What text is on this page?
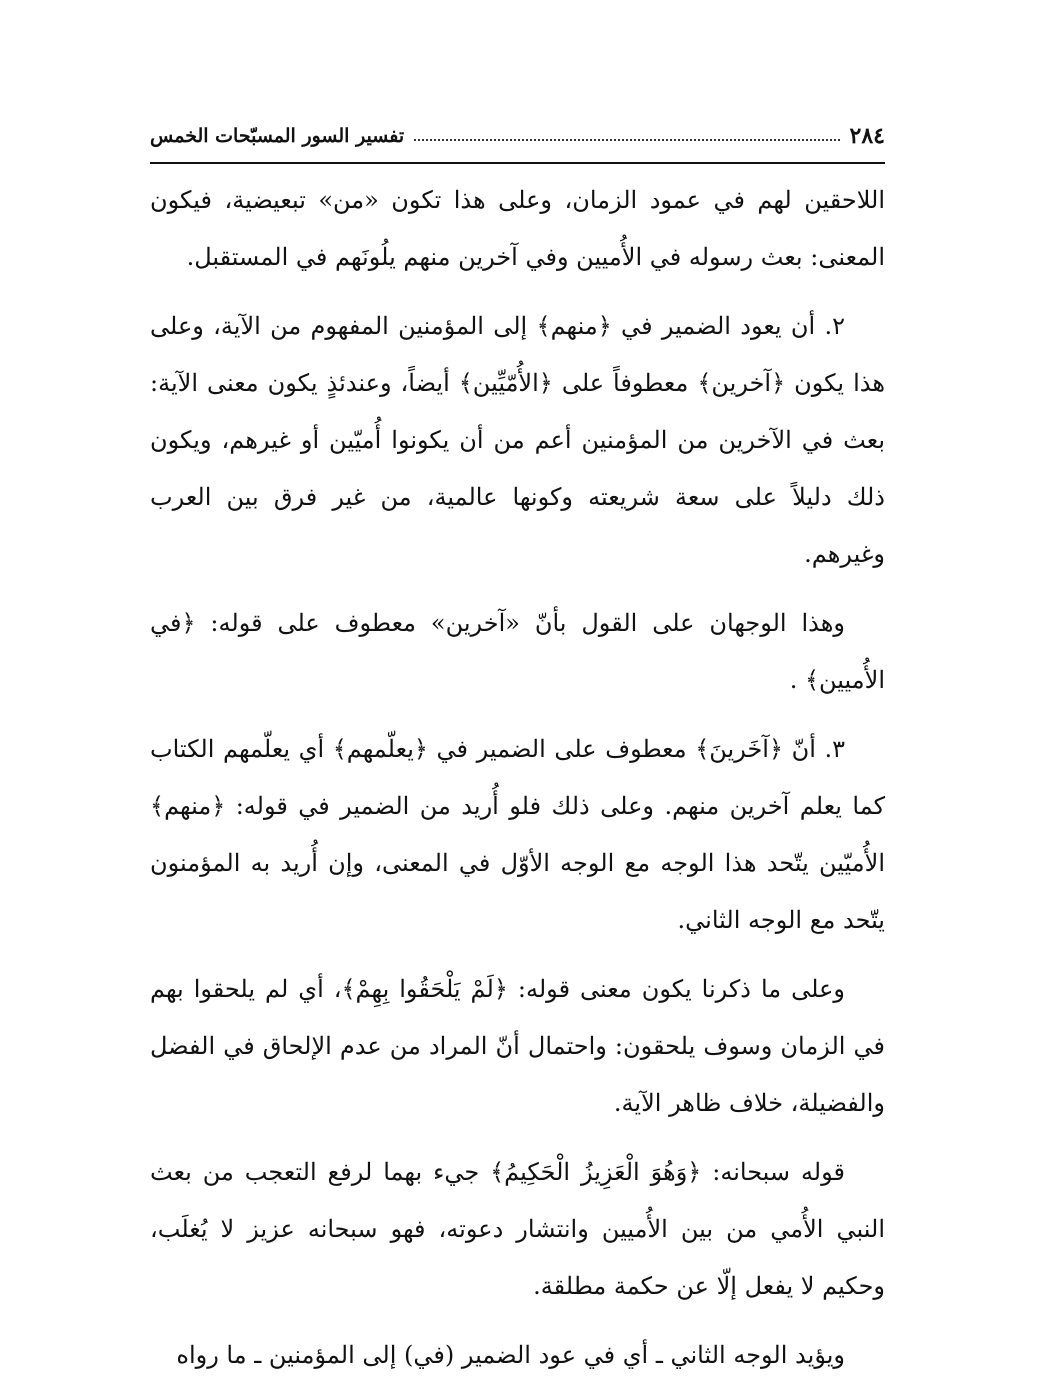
٢٨٤
تفسير السور المسبّحات الخمس

اللاحقين لهم في عمود الزمان، وعلى هذا تكون «من» تبعيضية، فيكون المعنى: بعث رسوله في الأُميين وفي آخرين منهم يلُونَهم في المستقبل.

٢. أن يعود الضمير في ﴿منهم﴾ إلى المؤمنين المفهوم من الآية، وعلى هذا يكون ﴿آخرين﴾ معطوفاً على ﴿الأُمّيِّين﴾ أيضاً، وعندئذٍ يكون معنى الآية: بعث في الآخرين من المؤمنين أعم من أن يكونوا أُميّين أو غيرهم، ويكون ذلك دليلاً على سعة شريعته وكونها عالمية، من غير فرق بين العرب وغيرهم.

وهذا الوجهان على القول بأنّ «آخرين» معطوف على قوله: ﴿في الأُميين﴾ .

٣. أنّ ﴿آخَرينَ﴾ معطوف على الضمير في ﴿يعلّمهم﴾ أي يعلّمهم الكتاب كما يعلم آخرين منهم. وعلى ذلك فلو أُريد من الضمير في قوله: ﴿منهم﴾ الأُميّين يتّحد هذا الوجه مع الوجه الأوّل في المعنى، وإن أُريد به المؤمنون يتّحد مع الوجه الثاني.

وعلى ما ذكرنا يكون معنى قوله: ﴿لَمْ يَلْحَقُوا بِهِمْ﴾، أي لم يلحقوا بهم في الزمان وسوف يلحقون: واحتمال أنّ المراد من عدم الإلحاق في الفضل والفضيلة، خلاف ظاهر الآية.

قوله سبحانه: ﴿وَهُوَ الْعَزِيزُ الْحَكِيمُ﴾ جيء بهما لرفع التعجب من بعث النبي الأُمي من بين الأُميين وانتشار دعوته، فهو سبحانه عزيز لا يُغلَب، وحكيم لا يفعل إلّا عن حكمة مطلقة.

ويؤيد الوجه الثاني ـ أي في عود الضمير (في) إلى المؤمنين ـ ما رواه
